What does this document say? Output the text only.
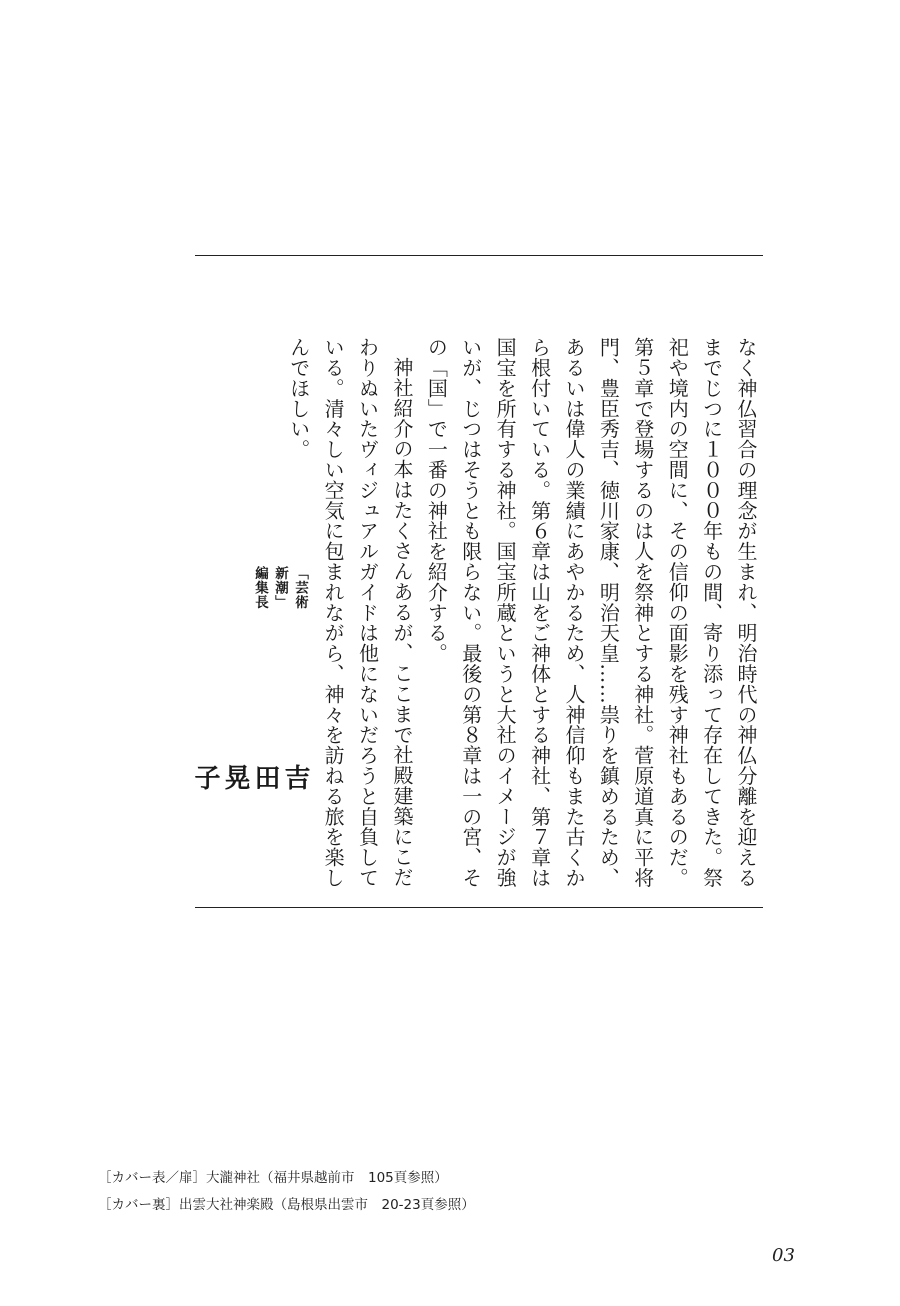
なく神仏習合の理念が生まれ、明治時代の神仏分離を迎えるまでじつに１０００年もの間、寄り添って存在してきた。祭祀や境内の空間に、その信仰の面影を残す神社もあるのだ。第５章で登場するのは人を祭神とする神社。菅原道真に平将門、豊臣秀吉、徳川家康、明治天皇……祟りを鎮めるため、あるいは偉人の業績にあやかるため、人神信仰もまた古くから根付いている。第６章は山をご神体とする神社、第７章は国宝を所有する神社。国宝所蔵というと大社のイメージが強いが、じつはそうとも限らない。最後の第８章は一の宮、その「国」で一番の神社を紹介する。

神社紹介の本はたくさんあるが、ここまで社殿建築にこだわりぬいたヴィジュアルガイドは他にないだろうと自負している。清々しい空気に包まれながら、神々を訪ねる旅を楽しんでほしい。

「芸術新潮」編集長
吉田晃子
［カバー表／扉］大瀧神社（福井県越前市　105頁参照）
［カバー裏］出雲大社神楽殿（島根県出雲市　20-23頁参照）
03
